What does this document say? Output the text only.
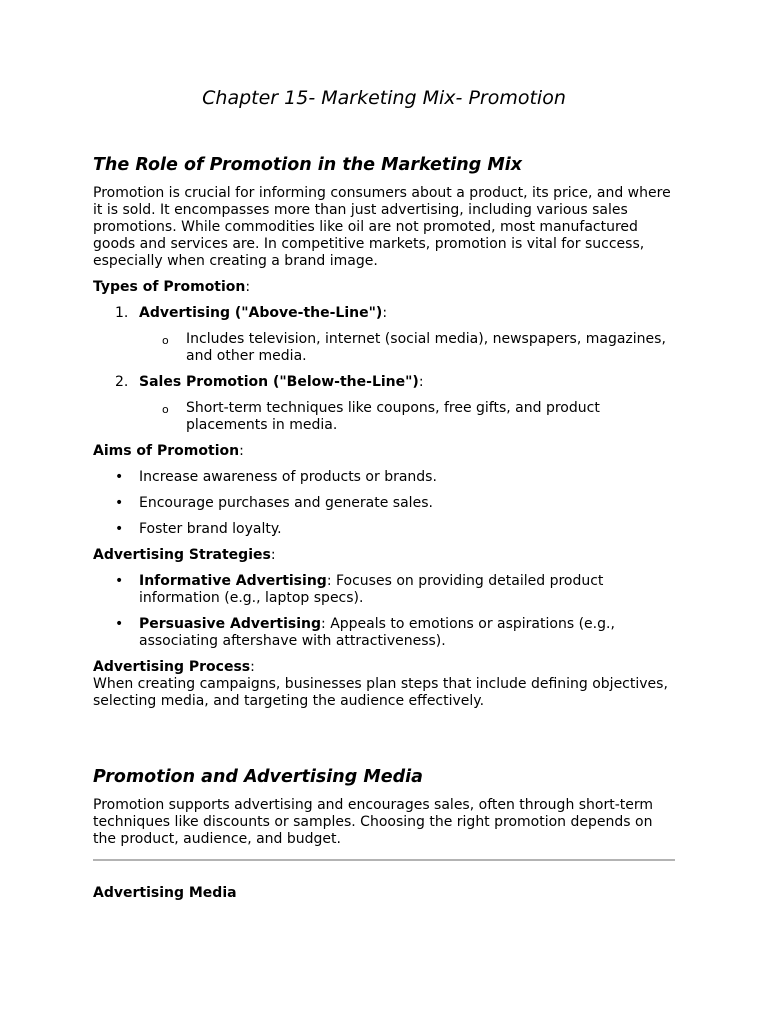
Chapter 15- Marketing Mix- Promotion
The Role of Promotion in the Marketing Mix

Promotion is crucial for informing consumers about a product, its price, and where it is sold. It encompasses more than just advertising, including various sales promotions. While commodities like oil are not promoted, most manufactured goods and services are. In competitive markets, promotion is vital for success, especially when creating a brand image.

Types of Promotion:

1. Advertising ("Above-the-Line"):
o Includes television, internet (social media), newspapers, magazines, and other media.
2. Sales Promotion ("Below-the-Line"):
o Short-term techniques like coupons, free gifts, and product placements in media.

Aims of Promotion:

• Increase awareness of products or brands.
• Encourage purchases and generate sales.
• Foster brand loyalty.

Advertising Strategies:

• Informative Advertising: Focuses on providing detailed product information (e.g., laptop specs).
• Persuasive Advertising: Appeals to emotions or aspirations (e.g., associating aftershave with attractiveness).

Advertising Process:

When creating campaigns, businesses plan steps that include defining objectives, selecting media, and targeting the audience effectively.

Promotion and Advertising Media

Promotion supports advertising and encourages sales, often through short-term techniques like discounts or samples. Choosing the right promotion depends on the product, audience, and budget.

Advertising Media
